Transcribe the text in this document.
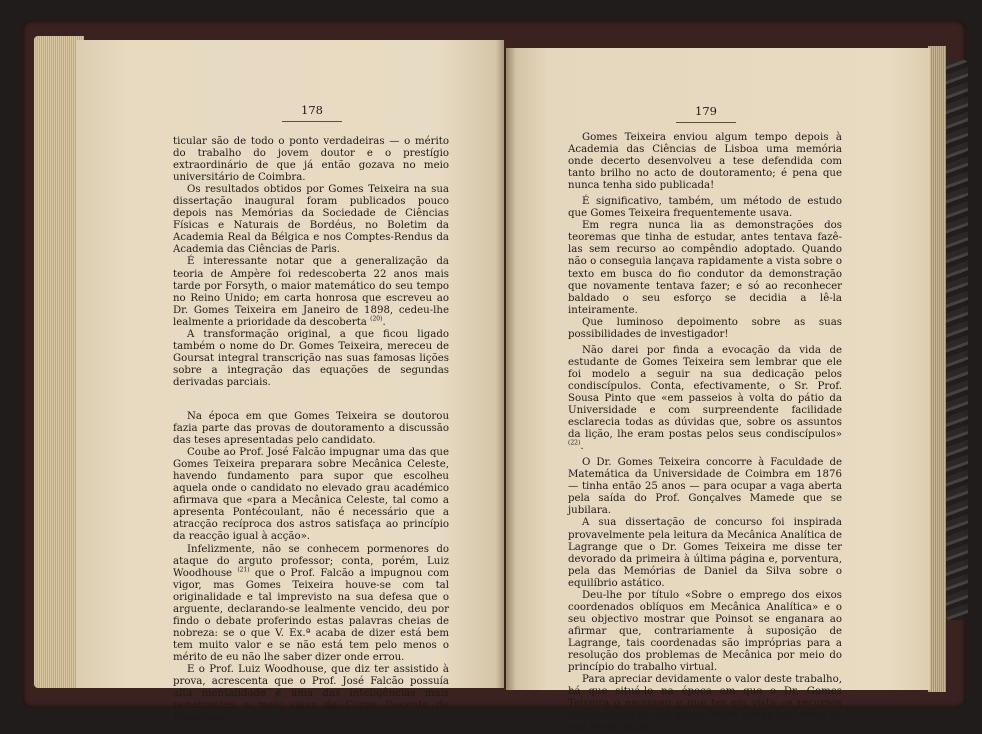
178

ticular são de todo o ponto verdadeiras — o mérito do trabalho do jovem doutor e o prestígio extraordinário de que já então gozava no meio universitário de Coimbra.

Os resultados obtidos por Gomes Teixeira na sua dissertação inaugural foram publicados pouco depois nas Memórias da Sociedade de Ciências Físicas e Naturais de Bordéus, no Boletim da Academia Real da Bélgica e nos Comptes-Rendus da Academia das Ciências de Paris.

É interessante notar que a generalização da teoria de Ampère foi redescoberta 22 anos mais tarde por Forsyth, o maior matemático do seu tempo no Reino Unido; em carta honrosa que escreveu ao Dr. Gomes Teixeira em Janeiro de 1898, cedeu-lhe lealmente a prioridade da descoberta $^{(20)}$.

A transformação original, a que ficou ligado também o nome do Dr. Gomes Teixeira, mereceu de Goursat integral transcrição nas suas famosas lições sobre a integração das equações de segundas derivadas parciais.

Na época em que Gomes Teixeira se doutorou fazia parte das provas de doutoramento a discussão das teses apresentadas pelo candidato.

Coube ao Prof. José Falcão impugnar uma das que Gomes Teixeira preparara sobre Mecânica Celeste, havendo fundamento para supor que escolheu aquela onde o candidato no elevado grau académico afirmava que «para a Mecânica Celeste, tal como a apresenta Pontécoulant, não é necessário que a atracção recíproca dos astros satisfaça ao princípio da reacção igual à acção».

Infelizmente, não se conhecem pormenores do ataque do arguto professor; conta, porém, Luiz Woodhouse $^{(21)}$ que o Prof. Falcão a impugnou com vigor, mas Gomes Teixeira houve-se com tal originalidade e tal imprevisto na sua defesa que o arguente, declarando-se lealmente vencido, deu por findo o debate proferindo estas palavras cheias de nobreza: se o que V. Ex.ª acaba de dizer está bem tem muito valor e se não está tem pelo menos o mérito de eu não lhe saber dizer onde errou.

E o Prof. Luiz Woodhouse, que diz ter assistido à prova, acrescenta que o Prof. José Falcão possuía alta mentalidade e uma das inteligências mais penetrantes e mais vivas do Corpo Docente da Faculdade.

179

Gomes Teixeira enviou algum tempo depois à Academia das Ciências de Lisboa uma memória onde decerto desenvolveu a tese defendida com tanto brilho no acto de doutoramento; é pena que nunca tenha sido publicada!

É significativo, também, um método de estudo que Gomes Teixeira frequentemente usava.

Em regra nunca lia as demonstrações dos teoremas que tinha de estudar, antes tentava fazê-las sem recurso ao compêndio adoptado. Quando não o conseguia lançava rapidamente a vista sobre o texto em busca do fio condutor da demonstração que novamente tentava fazer; e só ao reconhecer baldado o seu esforço se decidia a lê-la inteiramente.

Que luminoso depoimento sobre as suas possibilidades de investigador!

Não darei por finda a evocação da vida de estudante de Gomes Teixeira sem lembrar que ele foi modelo a seguir na sua dedicação pelos condiscípulos. Conta, efectivamente, o Sr. Prof. Sousa Pinto que «em passeios à volta do pátio da Universidade e com surpreendente facilidade esclarecia todas as dúvidas que, sobre os assuntos da lição, lhe eram postas pelos seus condiscípulos» $^{(22)}$.

O Dr. Gomes Teixeira concorre à Faculdade de Matemática da Universidade de Coimbra em 1876 — tinha então 25 anos — para ocupar a vaga aberta pela saída do Prof. Gonçalves Mamede que se jubilara.

A sua dissertação de concurso foi inspirada provavelmente pela leitura da Mecânica Analítica de Lagrange que o Dr. Gomes Teixeira me disse ter devorado da primeira à última página e, porventura, pela das Memórias de Daniel da Silva sobre o equilíbrio astático.

Deu-lhe por título «Sobre o emprego dos eixos coordenados oblíquos em Mecânica Analítica» e o seu objectivo mostrar que Poinsot se enganara ao afirmar que, contrariamente à suposição de Lagrange, tais coordenadas são impróprias para a resolução dos problemas de Mecânica por meio do princípio do trabalho virtual.

Para apreciar devidamente o valor deste trabalho, há que situá-lo na época em que o Dr. Gomes Teixeira o escreveu e que ter em vista os recursos matemáticos de um aluno desse tempo no termo da sua licenciatura.
